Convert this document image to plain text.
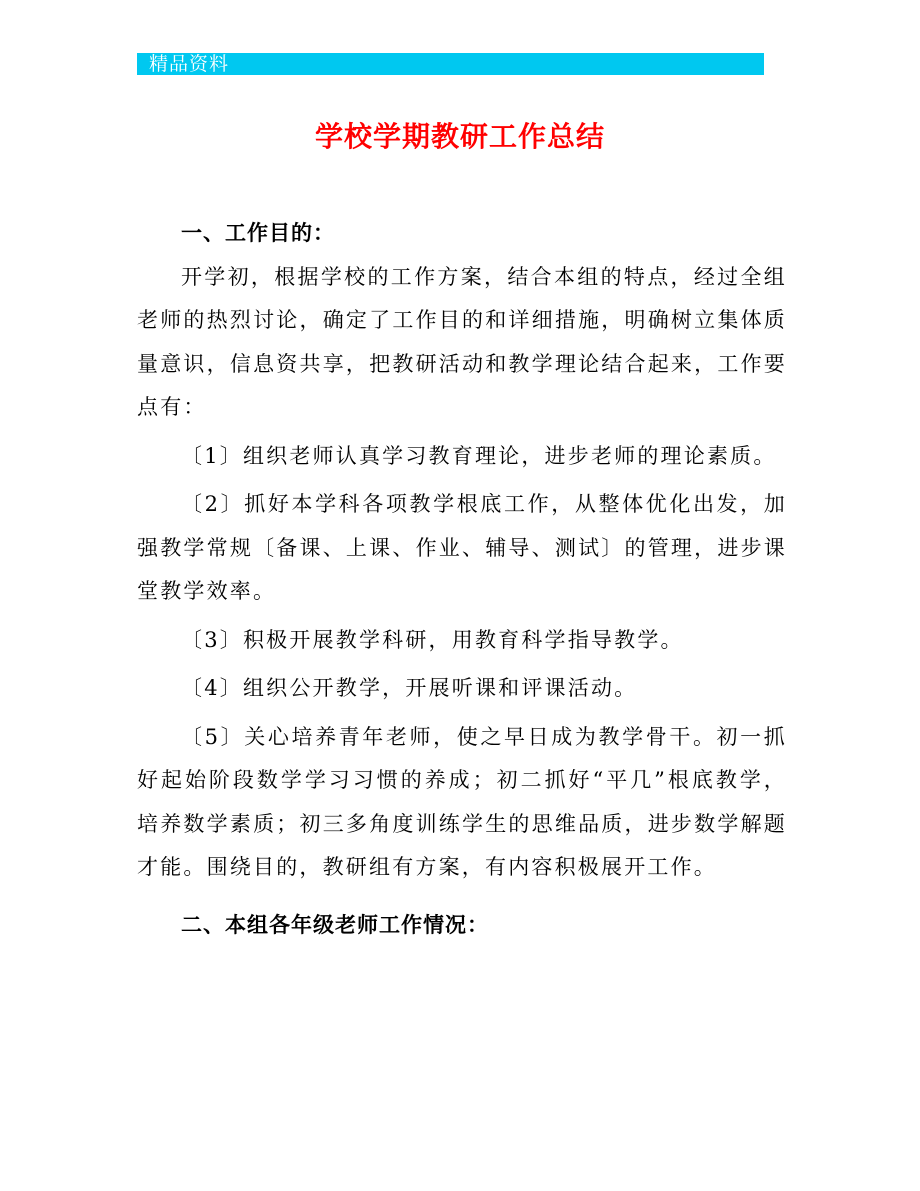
精品资料
学校学期教研工作总结

一、工作目的：

开学初，根据学校的工作方案，结合本组的特点，经过全组老师的热烈讨论，确定了工作目的和详细措施，明确树立集体质量意识，信息资共享，把教研活动和教学理论结合起来，工作要点有：

〔1〕组织老师认真学习教育理论，进步老师的理论素质。

〔2〕抓好本学科各项教学根底工作，从整体优化出发，加强教学常规〔备课、上课、作业、辅导、测试〕的管理，进步课堂教学效率。

〔3〕积极开展教学科研，用教育科学指导教学。

〔4〕组织公开教学，开展听课和评课活动。

〔5〕关心培养青年老师，使之早日成为教学骨干。初一抓好起始阶段数学学习习惯的养成；初二抓好“平几”根底教学，培养数学素质；初三多角度训练学生的思维品质，进步数学解题才能。围绕目的，教研组有方案，有内容积极展开工作。

二、本组各年级老师工作情况：
